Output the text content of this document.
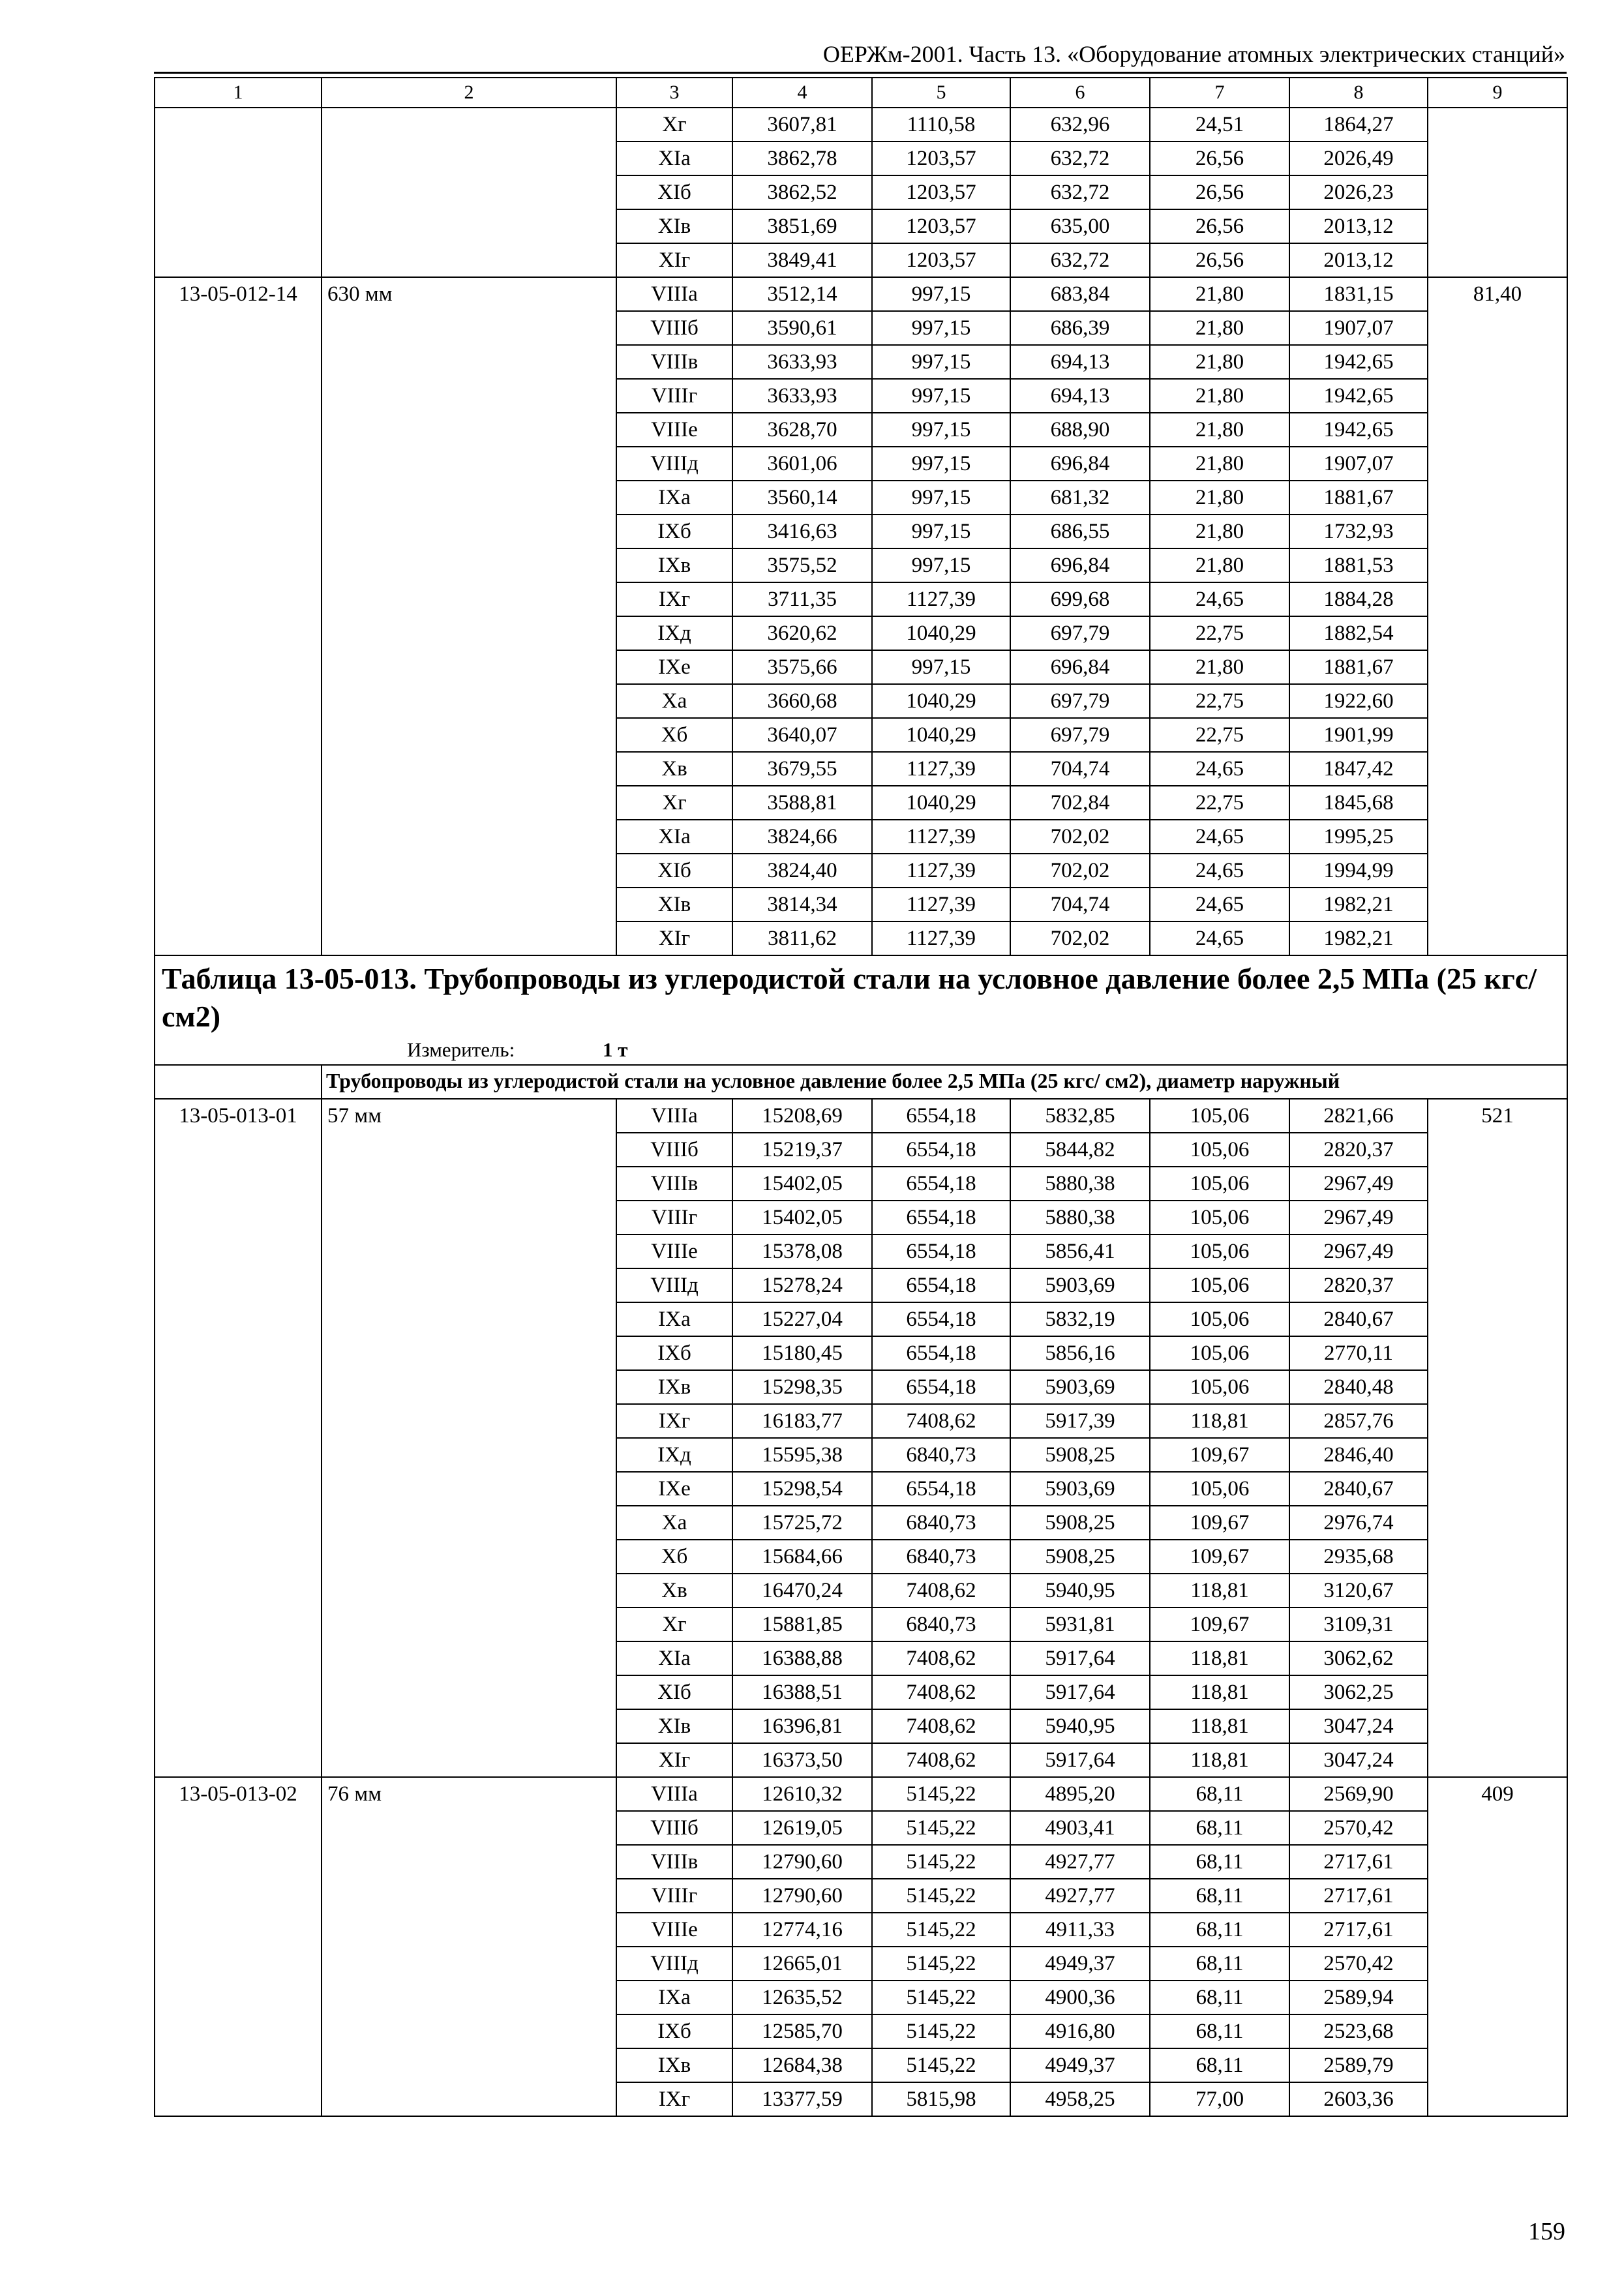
ОЕРЖм-2001. Часть 13. «Оборудование атомных электрических станций»
1	2	3	4	5	6	7	8	9
		Хг	3607,81	1110,58	632,96	24,51	1864,27	
		ХIа	3862,78	1203,57	632,72	26,56	2026,49	
		ХIб	3862,52	1203,57	632,72	26,56	2026,23	
		ХIв	3851,69	1203,57	635,00	26,56	2013,12	
		ХIг	3849,41	1203,57	632,72	26,56	2013,12	
13-05-012-14	630 мм	VIIIа	3512,14	997,15	683,84	21,80	1831,15	81,40
		VIIIб	3590,61	997,15	686,39	21,80	1907,07	
		VIIIв	3633,93	997,15	694,13	21,80	1942,65	
		VIIIг	3633,93	997,15	694,13	21,80	1942,65	
		VIIIе	3628,70	997,15	688,90	21,80	1942,65	
		VIIIд	3601,06	997,15	696,84	21,80	1907,07	
		IХа	3560,14	997,15	681,32	21,80	1881,67	
		IХб	3416,63	997,15	686,55	21,80	1732,93	
		IХв	3575,52	997,15	696,84	21,80	1881,53	
		IХг	3711,35	1127,39	699,68	24,65	1884,28	
		IХд	3620,62	1040,29	697,79	22,75	1882,54	
		IХе	3575,66	997,15	696,84	21,80	1881,67	
		Ха	3660,68	1040,29	697,79	22,75	1922,60	
		Хб	3640,07	1040,29	697,79	22,75	1901,99	
		Хв	3679,55	1127,39	704,74	24,65	1847,42	
		Хг	3588,81	1040,29	702,84	22,75	1845,68	
		ХIа	3824,66	1127,39	702,02	24,65	1995,25	
		ХIб	3824,40	1127,39	702,02	24,65	1994,99	
		ХIв	3814,34	1127,39	704,74	24,65	1982,21	
		ХIг	3811,62	1127,39	702,02	24,65	1982,21	
Таблица 13-05-013. Трубопроводы из углеродистой стали на условное давление более 2,5 МПа (25 кгс/ см2)								
Измеритель: 1 т								
	Трубопроводы из углеродистой стали на условное давление более 2,5 МПа (25 кгс/ см2), диаметр наружный							
13-05-013-01	57 мм	VIIIа	15208,69	6554,18	5832,85	105,06	2821,66	521
		VIIIб	15219,37	6554,18	5844,82	105,06	2820,37	
		VIIIв	15402,05	6554,18	5880,38	105,06	2967,49	
		VIIIг	15402,05	6554,18	5880,38	105,06	2967,49	
		VIIIе	15378,08	6554,18	5856,41	105,06	2967,49	
		VIIIд	15278,24	6554,18	5903,69	105,06	2820,37	
		IХа	15227,04	6554,18	5832,19	105,06	2840,67	
		IХб	15180,45	6554,18	5856,16	105,06	2770,11	
		IХв	15298,35	6554,18	5903,69	105,06	2840,48	
		IХг	16183,77	7408,62	5917,39	118,81	2857,76	
		IХд	15595,38	6840,73	5908,25	109,67	2846,40	
		IХе	15298,54	6554,18	5903,69	105,06	2840,67	
		Ха	15725,72	6840,73	5908,25	109,67	2976,74	
		Хб	15684,66	6840,73	5908,25	109,67	2935,68	
		Хв	16470,24	7408,62	5940,95	118,81	3120,67	
		Хг	15881,85	6840,73	5931,81	109,67	3109,31	
		ХIа	16388,88	7408,62	5917,64	118,81	3062,62	
		ХIб	16388,51	7408,62	5917,64	118,81	3062,25	
		ХIв	16396,81	7408,62	5940,95	118,81	3047,24	
		ХIг	16373,50	7408,62	5917,64	118,81	3047,24	
13-05-013-02	76 мм	VIIIа	12610,32	5145,22	4895,20	68,11	2569,90	409
		VIIIб	12619,05	5145,22	4903,41	68,11	2570,42	
		VIIIв	12790,60	5145,22	4927,77	68,11	2717,61	
		VIIIг	12790,60	5145,22	4927,77	68,11	2717,61	
		VIIIе	12774,16	5145,22	4911,33	68,11	2717,61	
		VIIIд	12665,01	5145,22	4949,37	68,11	2570,42	
		IХа	12635,52	5145,22	4900,36	68,11	2589,94	
		IХб	12585,70	5145,22	4916,80	68,11	2523,68	
		IХв	12684,38	5145,22	4949,37	68,11	2589,79	
		IХг	13377,59	5815,98	4958,25	77,00	2603,36	
159
